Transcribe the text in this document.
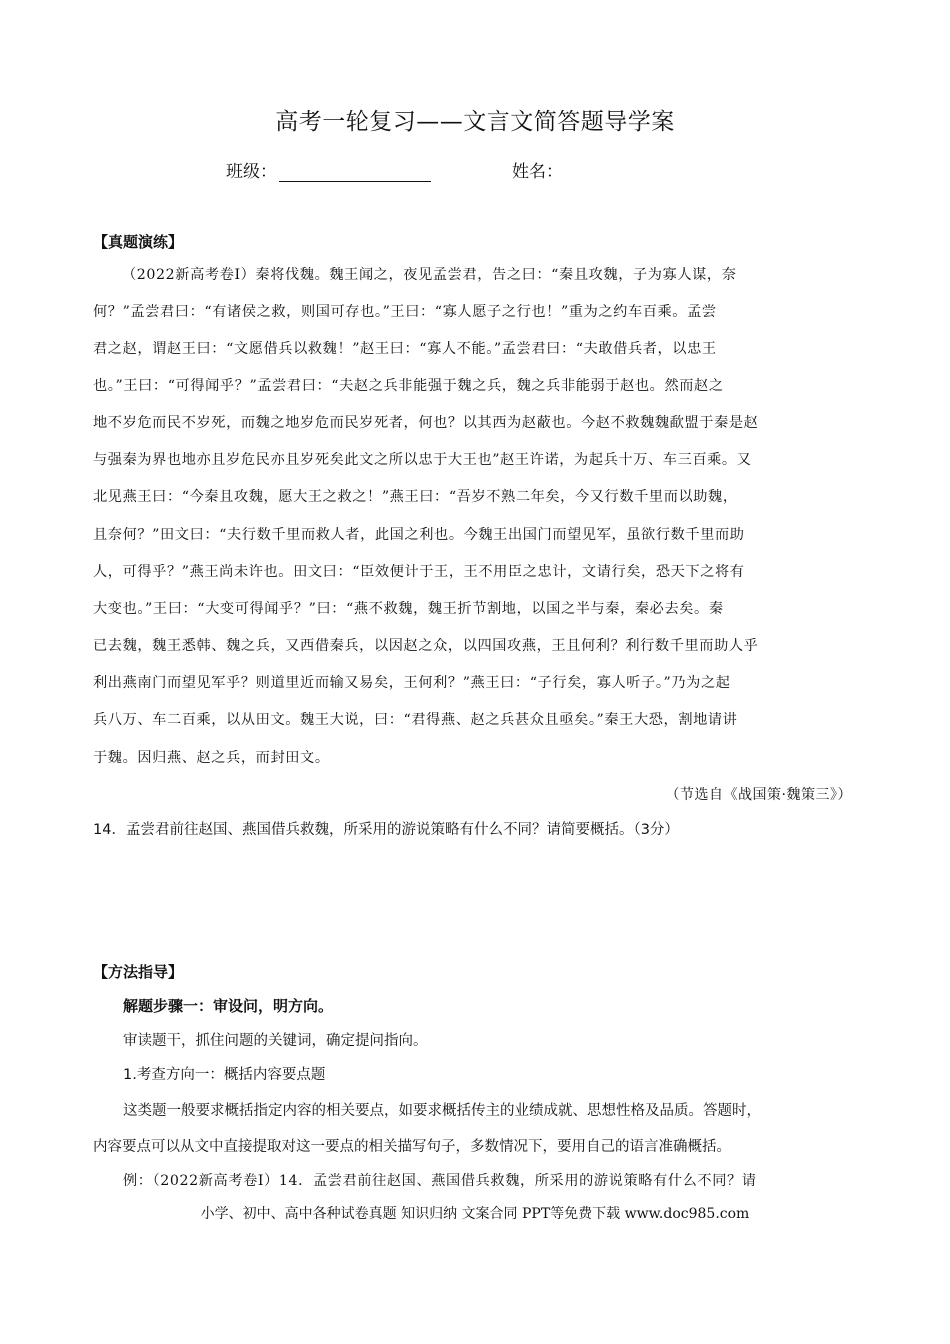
高考一轮复习——文言文简答题导学案
班级：	姓名：
【真题演练】
（2022新高考卷Ⅰ）秦将伐魏。魏王闻之，夜见孟尝君，告之曰：“秦且攻魏，子为寡人谋，奈
何？”孟尝君曰：“有诸侯之救，则国可存也。”王曰：“寡人愿子之行也！”重为之约车百乘。孟尝
君之赵，谓赵王曰：“文愿借兵以救魏！”赵王曰：“寡人不能。”孟尝君曰：“夫敢借兵者，以忠王
也。”王曰：“可得闻乎？”孟尝君曰：“夫赵之兵非能强于魏之兵，魏之兵非能弱于赵也。然而赵之
地不岁危而民不岁死，而魏之地岁危而民岁死者，何也？以其西为赵蔽也。今赵不救魏魏歃盟于秦是赵
与强秦为界也地亦且岁危民亦且岁死矣此文之所以忠于大王也”赵王许诺，为起兵十万、车三百乘。又
北见燕王曰：“今秦且攻魏，愿大王之救之！”燕王曰：“吾岁不熟二年矣，今又行数千里而以助魏，
且奈何？”田文曰：“夫行数千里而救人者，此国之利也。今魏王出国门而望见军，虽欲行数千里而助
人，可得乎？”燕王尚未许也。田文曰：“臣效便计于王，王不用臣之忠计，文请行矣，恐天下之将有
大变也。”王曰：“大变可得闻乎？”曰：“燕不救魏，魏王折节割地，以国之半与秦，秦必去矣。秦
已去魏，魏王悉韩、魏之兵，又西借秦兵，以因赵之众，以四国攻燕，王且何利？利行数千里而助人乎
利出燕南门而望见军乎？则道里近而输又易矣，王何利？”燕王曰：“子行矣，寡人听子。”乃为之起
兵八万、车二百乘，以从田文。魏王大说，曰：“君得燕、赵之兵甚众且亟矣。”秦王大恐，割地请讲
于魏。因归燕、赵之兵，而封田文。
（节选自《战国策·魏策三》）
14．孟尝君前往赵国、燕国借兵救魏，所采用的游说策略有什么不同？请简要概括。（3分）
【方法指导】
解题步骤一：审设问，明方向。
审读题干，抓住问题的关键词，确定提问指向。
1.考查方向一：概括内容要点题
这类题一般要求概括指定内容的相关要点，如要求概括传主的业绩成就、思想性格及品质。答题时，
内容要点可以从文中直接提取对这一要点的相关描写句子，多数情况下，要用自己的语言准确概括。
例：（2022新高考卷Ⅰ）14．孟尝君前往赵国、燕国借兵救魏，所采用的游说策略有什么不同？请
小学、初中、高中各种试卷真题 知识归纳 文案合同 PPT等免费下载 www.doc985.com
